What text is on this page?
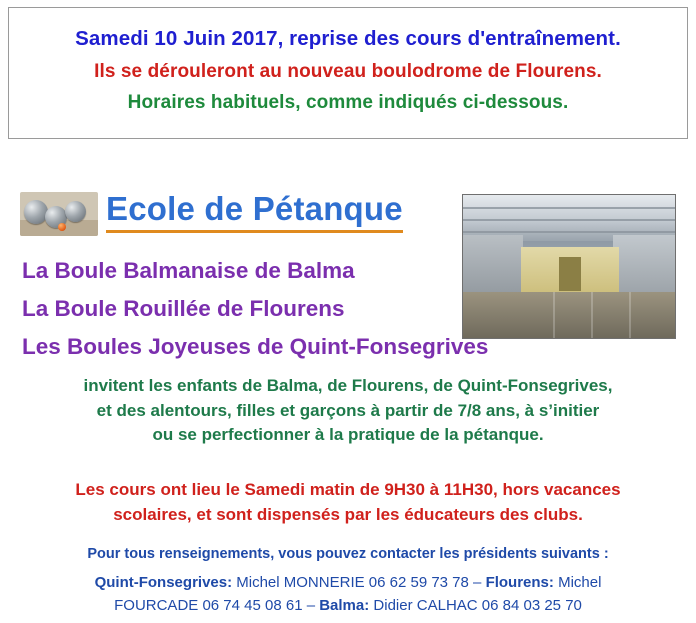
Samedi 10 Juin 2017, reprise des cours d'entraînement.
Ils se dérouleront au nouveau boulodrome de Flourens.
Horaires habituels, comme indiqués ci-dessous.
Ecole de Pétanque
La Boule Balmanaise de Balma
La Boule Rouillée de Flourens
Les Boules Joyeuses de Quint-Fonsegrives
invitent les enfants de Balma, de Flourens, de Quint-Fonsegrives,
et des alentours, filles et garçons à partir de 7/8 ans, à s’initier
ou se perfectionner à la pratique de la pétanque.
Les cours ont lieu le Samedi matin de 9H30 à 11H30, hors vacances
scolaires, et sont dispensés par les éducateurs des clubs.
Pour tous renseignements, vous pouvez contacter les présidents suivants :
Quint-Fonsegrives: Michel MONNERIE 06 62 59 73 78 – Flourens: Michel
FOURCADE 06 74 45 08 61 – Balma: Didier CALHAC 06 84 03 25 70
